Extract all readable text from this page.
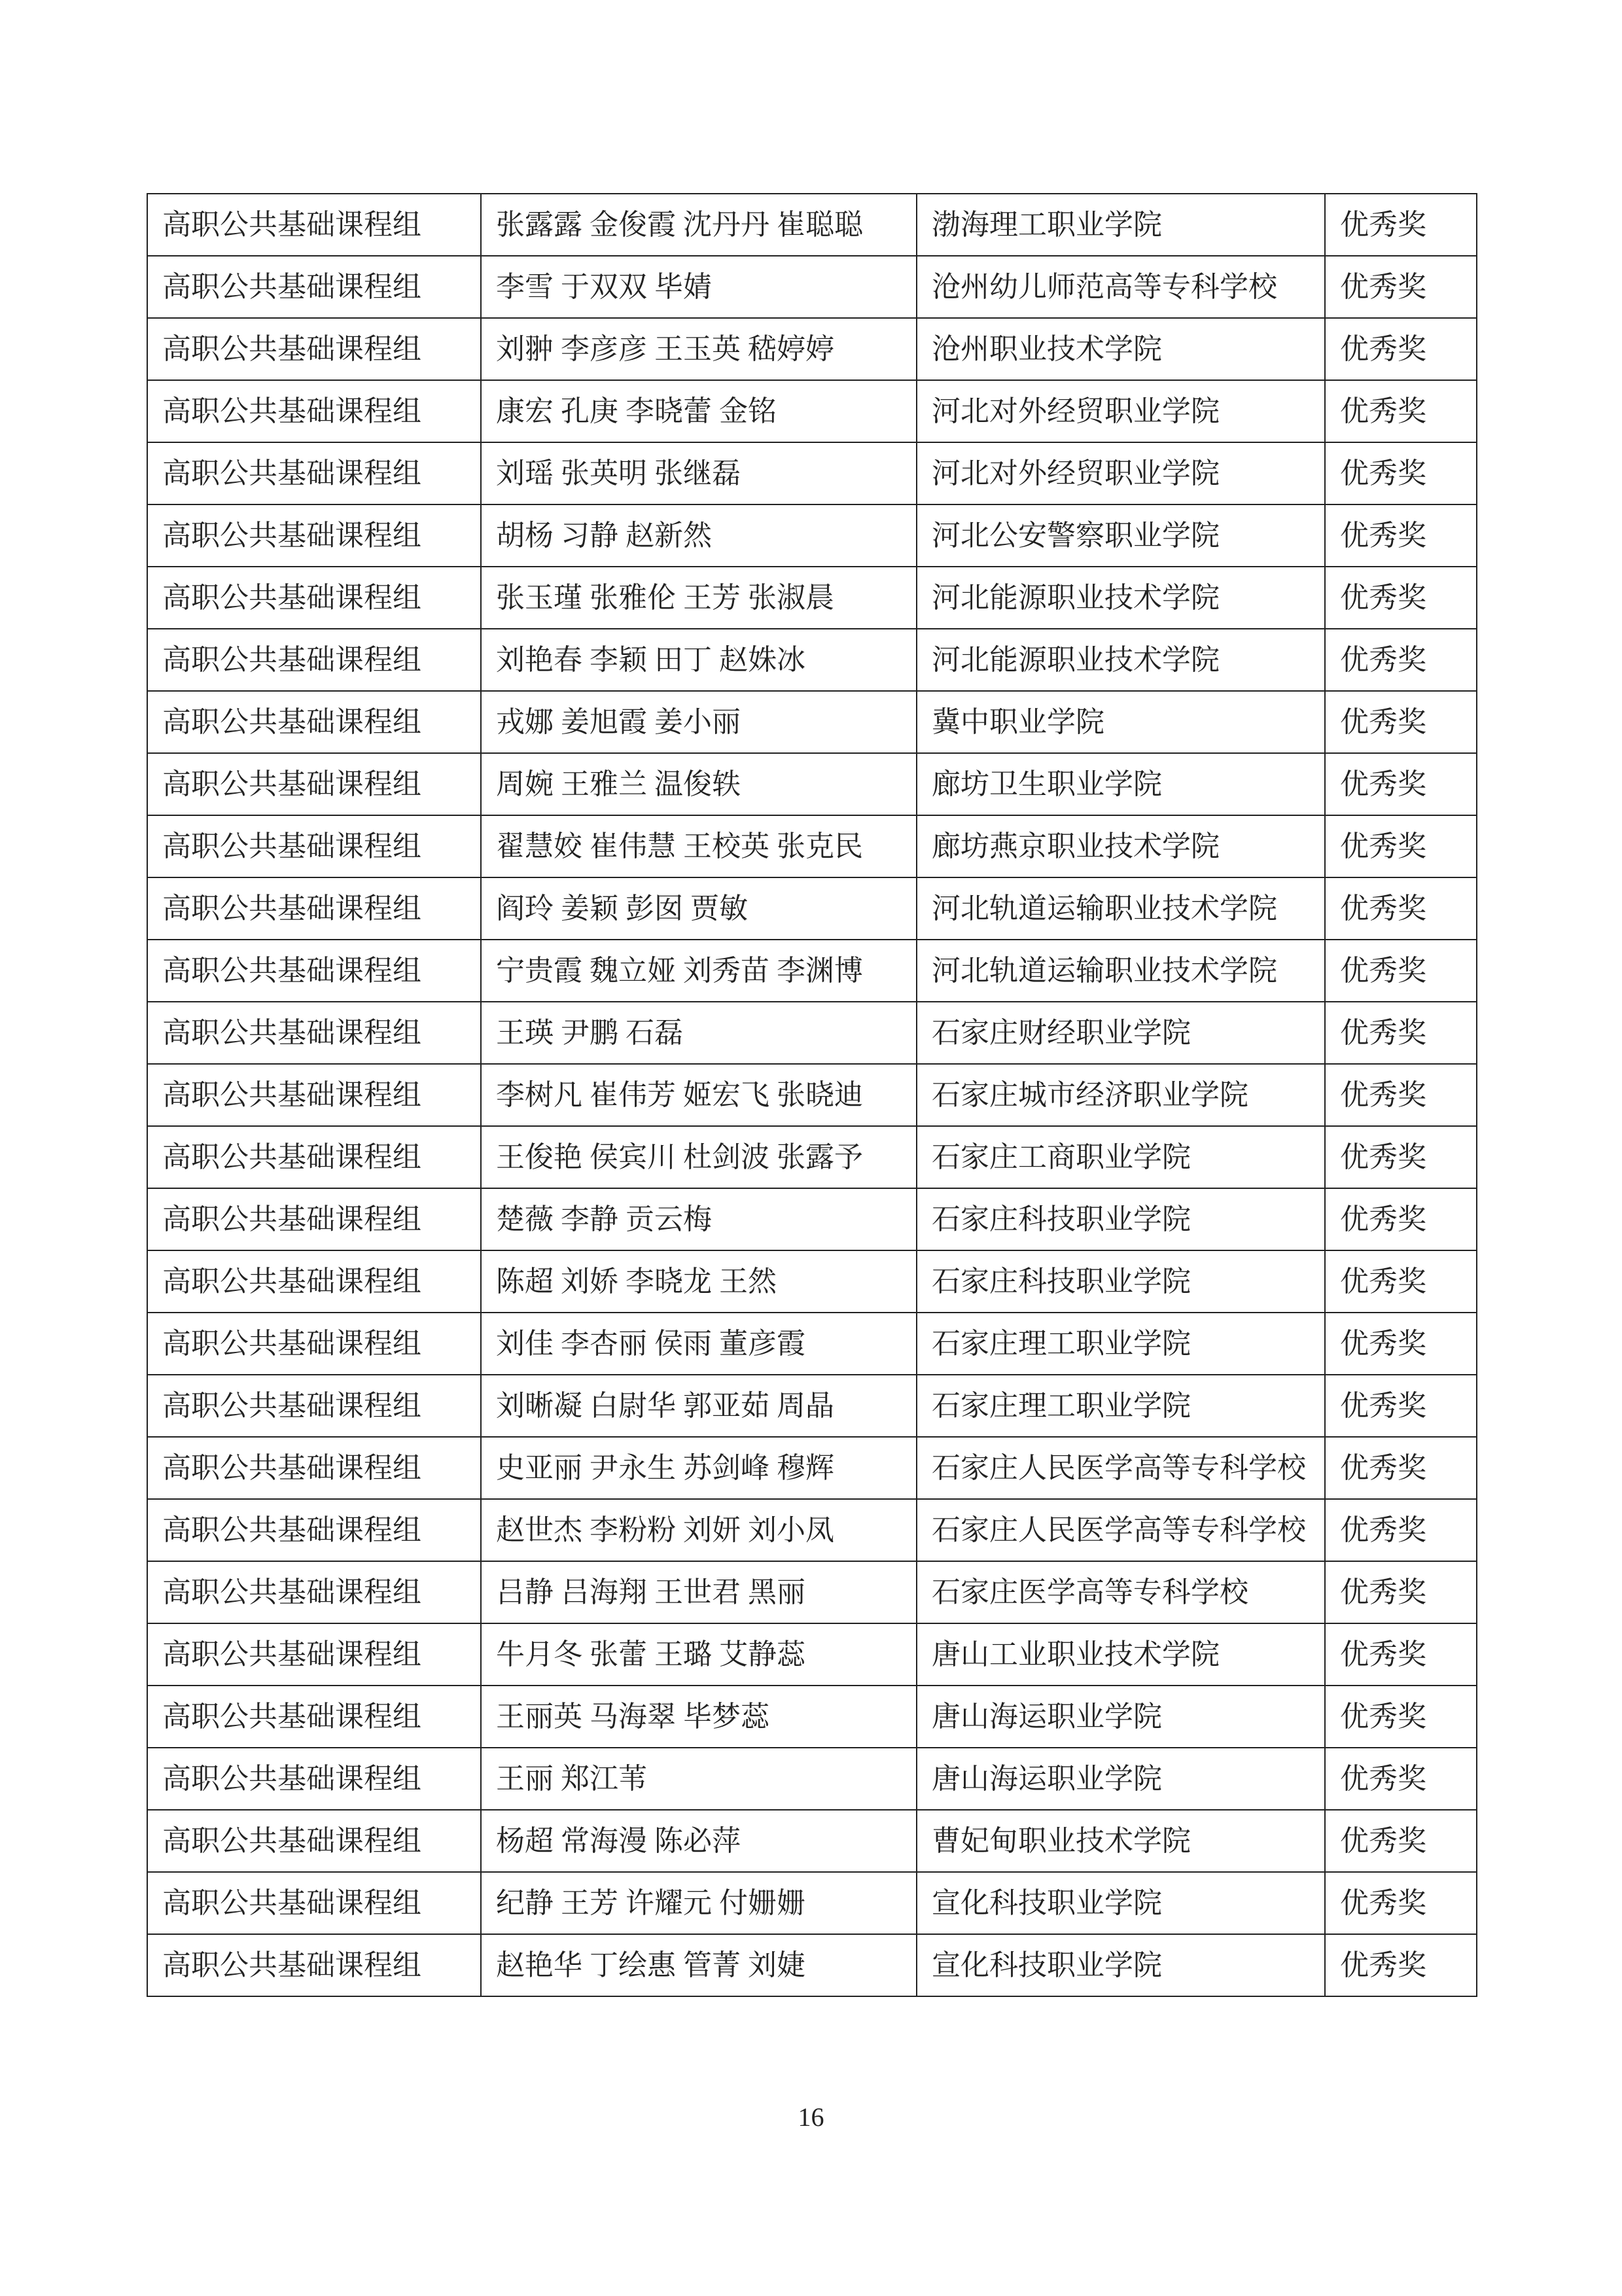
高职公共基础课程组	张露露 金俊霞 沈丹丹 崔聪聪	渤海理工职业学院	优秀奖
高职公共基础课程组	李雪 于双双 毕婧	沧州幼儿师范高等专科学校	优秀奖
高职公共基础课程组	刘翀 李彦彦 王玉英 嵇婷婷	沧州职业技术学院	优秀奖
高职公共基础课程组	康宏 孔庚 李晓蕾 金铭	河北对外经贸职业学院	优秀奖
高职公共基础课程组	刘瑶 张英明 张继磊	河北对外经贸职业学院	优秀奖
高职公共基础课程组	胡杨 习静 赵新然	河北公安警察职业学院	优秀奖
高职公共基础课程组	张玉瑾 张雅伦 王芳 张淑晨	河北能源职业技术学院	优秀奖
高职公共基础课程组	刘艳春 李颖 田丁 赵姝冰	河北能源职业技术学院	优秀奖
高职公共基础课程组	戎娜 姜旭霞 姜小丽	冀中职业学院	优秀奖
高职公共基础课程组	周婉 王雅兰 温俊轶	廊坊卫生职业学院	优秀奖
高职公共基础课程组	翟慧姣 崔伟慧 王校英 张克民	廊坊燕京职业技术学院	优秀奖
高职公共基础课程组	阎玲 姜颖 彭囡 贾敏	河北轨道运输职业技术学院	优秀奖
高职公共基础课程组	宁贵霞 魏立娅 刘秀苗 李渊博	河北轨道运输职业技术学院	优秀奖
高职公共基础课程组	王瑛 尹鹏 石磊	石家庄财经职业学院	优秀奖
高职公共基础课程组	李树凡 崔伟芳 姬宏飞 张晓迪	石家庄城市经济职业学院	优秀奖
高职公共基础课程组	王俊艳 侯宾川 杜剑波 张露予	石家庄工商职业学院	优秀奖
高职公共基础课程组	楚薇 李静 贡云梅	石家庄科技职业学院	优秀奖
高职公共基础课程组	陈超 刘娇 李晓龙 王然	石家庄科技职业学院	优秀奖
高职公共基础课程组	刘佳 李杏丽 侯雨 董彦霞	石家庄理工职业学院	优秀奖
高职公共基础课程组	刘晰凝 白尉华 郭亚茹 周晶	石家庄理工职业学院	优秀奖
高职公共基础课程组	史亚丽 尹永生 苏剑峰 穆辉	石家庄人民医学高等专科学校	优秀奖
高职公共基础课程组	赵世杰 李粉粉 刘妍 刘小凤	石家庄人民医学高等专科学校	优秀奖
高职公共基础课程组	吕静 吕海翔 王世君 黑丽	石家庄医学高等专科学校	优秀奖
高职公共基础课程组	牛月冬 张蕾 王璐 艾静蕊	唐山工业职业技术学院	优秀奖
高职公共基础课程组	王丽英 马海翠 毕梦蕊	唐山海运职业学院	优秀奖
高职公共基础课程组	王丽 郑江苇	唐山海运职业学院	优秀奖
高职公共基础课程组	杨超 常海漫 陈必萍	曹妃甸职业技术学院	优秀奖
高职公共基础课程组	纪静 王芳 许耀元 付姗姗	宣化科技职业学院	优秀奖
高职公共基础课程组	赵艳华 丁绘惠 管菁 刘婕	宣化科技职业学院	优秀奖
16
